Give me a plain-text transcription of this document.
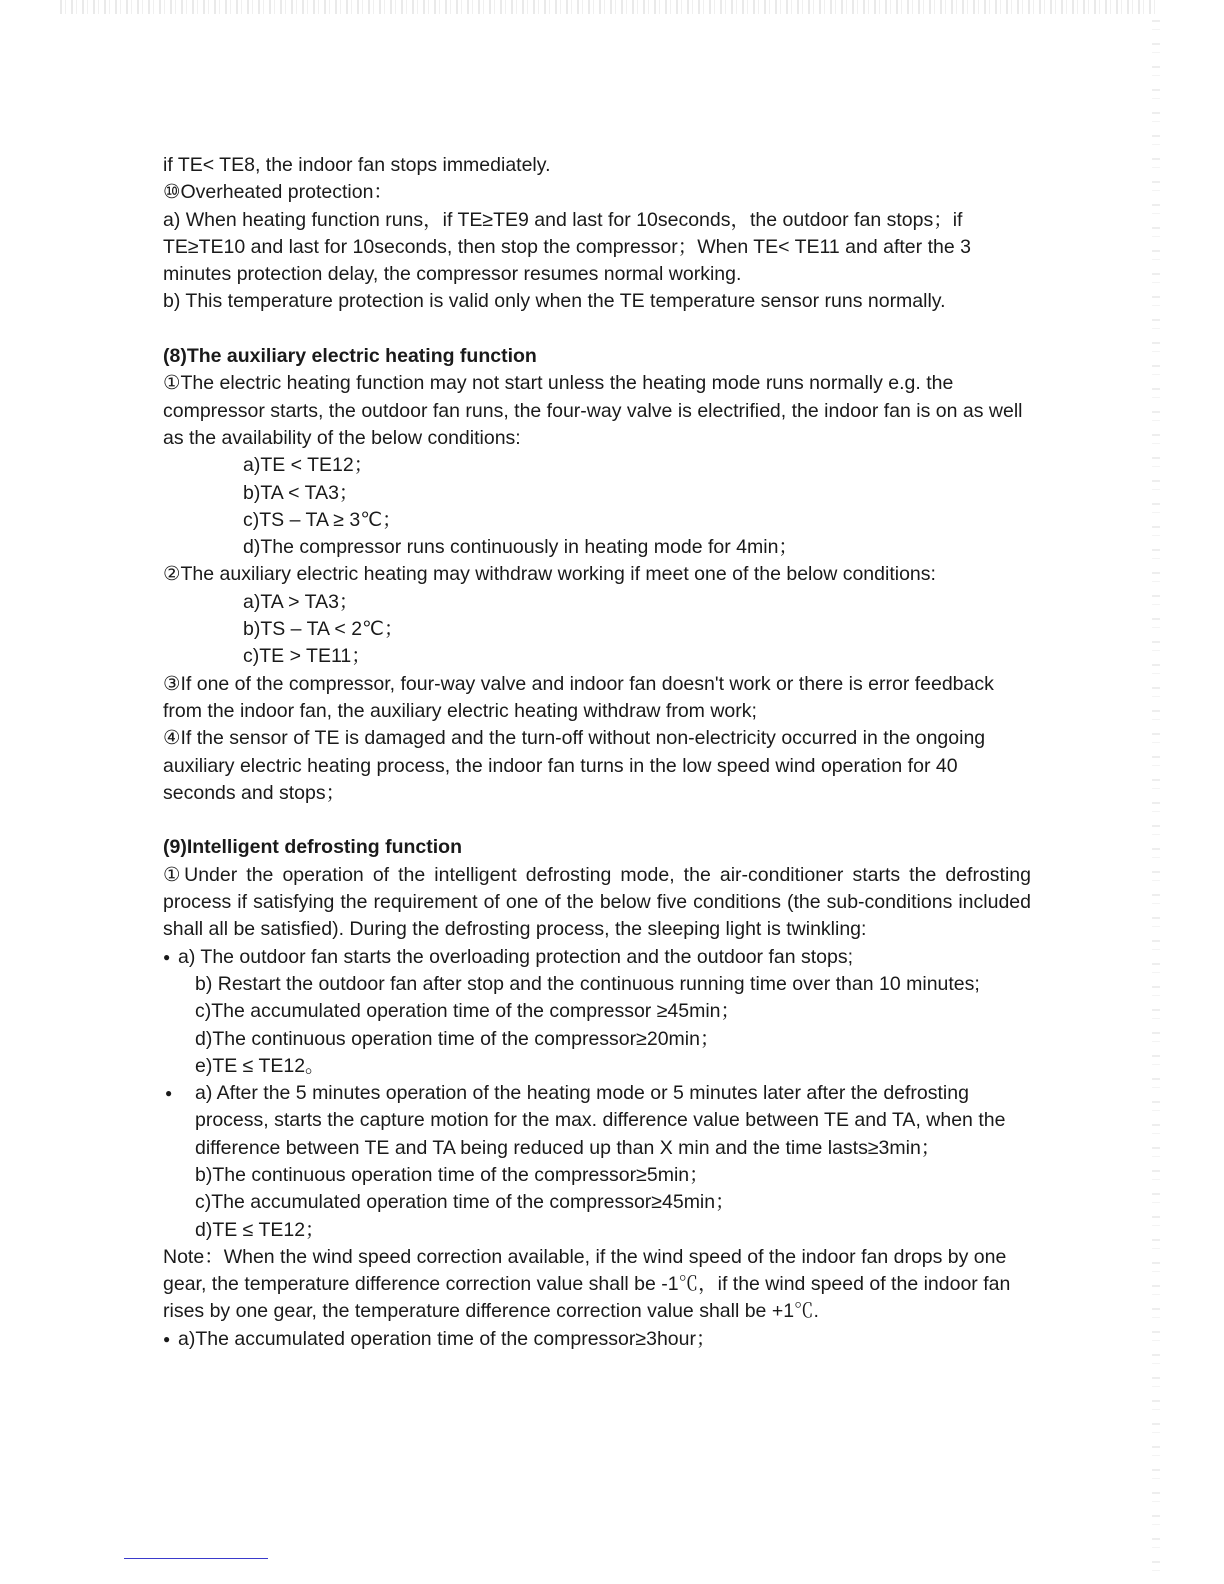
if TE< TE8, the indoor fan stops immediately.

⑩Overheated protection：

a) When heating function runs，if TE≥TE9 and last for 10seconds，the outdoor fan stops；if TE≥TE10 and last for 10seconds, then stop the compressor；When TE< TE11 and after the 3 minutes protection delay, the compressor resumes normal working.

b) This temperature protection is valid only when the TE temperature sensor runs normally.

(8)The auxiliary electric heating function

①The electric heating function may not start unless the heating mode runs normally e.g. the compressor starts, the outdoor fan runs, the four-way valve is electrified, the indoor fan is on as well as the availability of the below conditions:

a)TE < TE12；

b)TA < TA3；

c)TS – TA ≥ 3℃；

d)The compressor runs continuously in heating mode for 4min；

②The auxiliary electric heating may withdraw working if meet one of the below conditions:

a)TA > TA3；

b)TS – TA < 2℃；

c)TE > TE11；

③If one of the compressor, four-way valve and indoor fan doesn't work or there is error feedback from the indoor fan, the auxiliary electric heating withdraw from work;

④If the sensor of TE is damaged and the turn-off without non-electricity occurred in the ongoing auxiliary electric heating process, the indoor fan turns in the low speed wind operation for 40 seconds and stops；

(9)Intelligent defrosting function

①Under the operation of the intelligent defrosting mode, the air-conditioner starts the defrosting process if satisfying the requirement of one of the below five conditions (the sub-conditions included shall all be satisfied). During the defrosting process, the sleeping light is twinkling:

● a) The outdoor fan starts the overloading protection and the outdoor fan stops;

b) Restart the outdoor fan after stop and the continuous running time over than 10 minutes;

c)The accumulated operation time of the compressor ≥45min；

d)The continuous operation time of the compressor≥20min；

e)TE ≤ TE12。

● a) After the 5 minutes operation of the heating mode or 5 minutes later after the defrosting process, starts the capture motion for the max. difference value between TE and TA, when the difference between TE and TA being reduced up than X min and the time lasts≥3min；

b)The continuous operation time of the compressor≥5min；

c)The accumulated operation time of the compressor≥45min；

d)TE ≤ TE12；

Note：When the wind speed correction available, if the wind speed of the indoor fan drops by one gear, the temperature difference correction value shall be -1℃，if the wind speed of the indoor fan rises by one gear, the temperature difference correction value shall be +1℃.

● a)The accumulated operation time of the compressor≥3hour；
